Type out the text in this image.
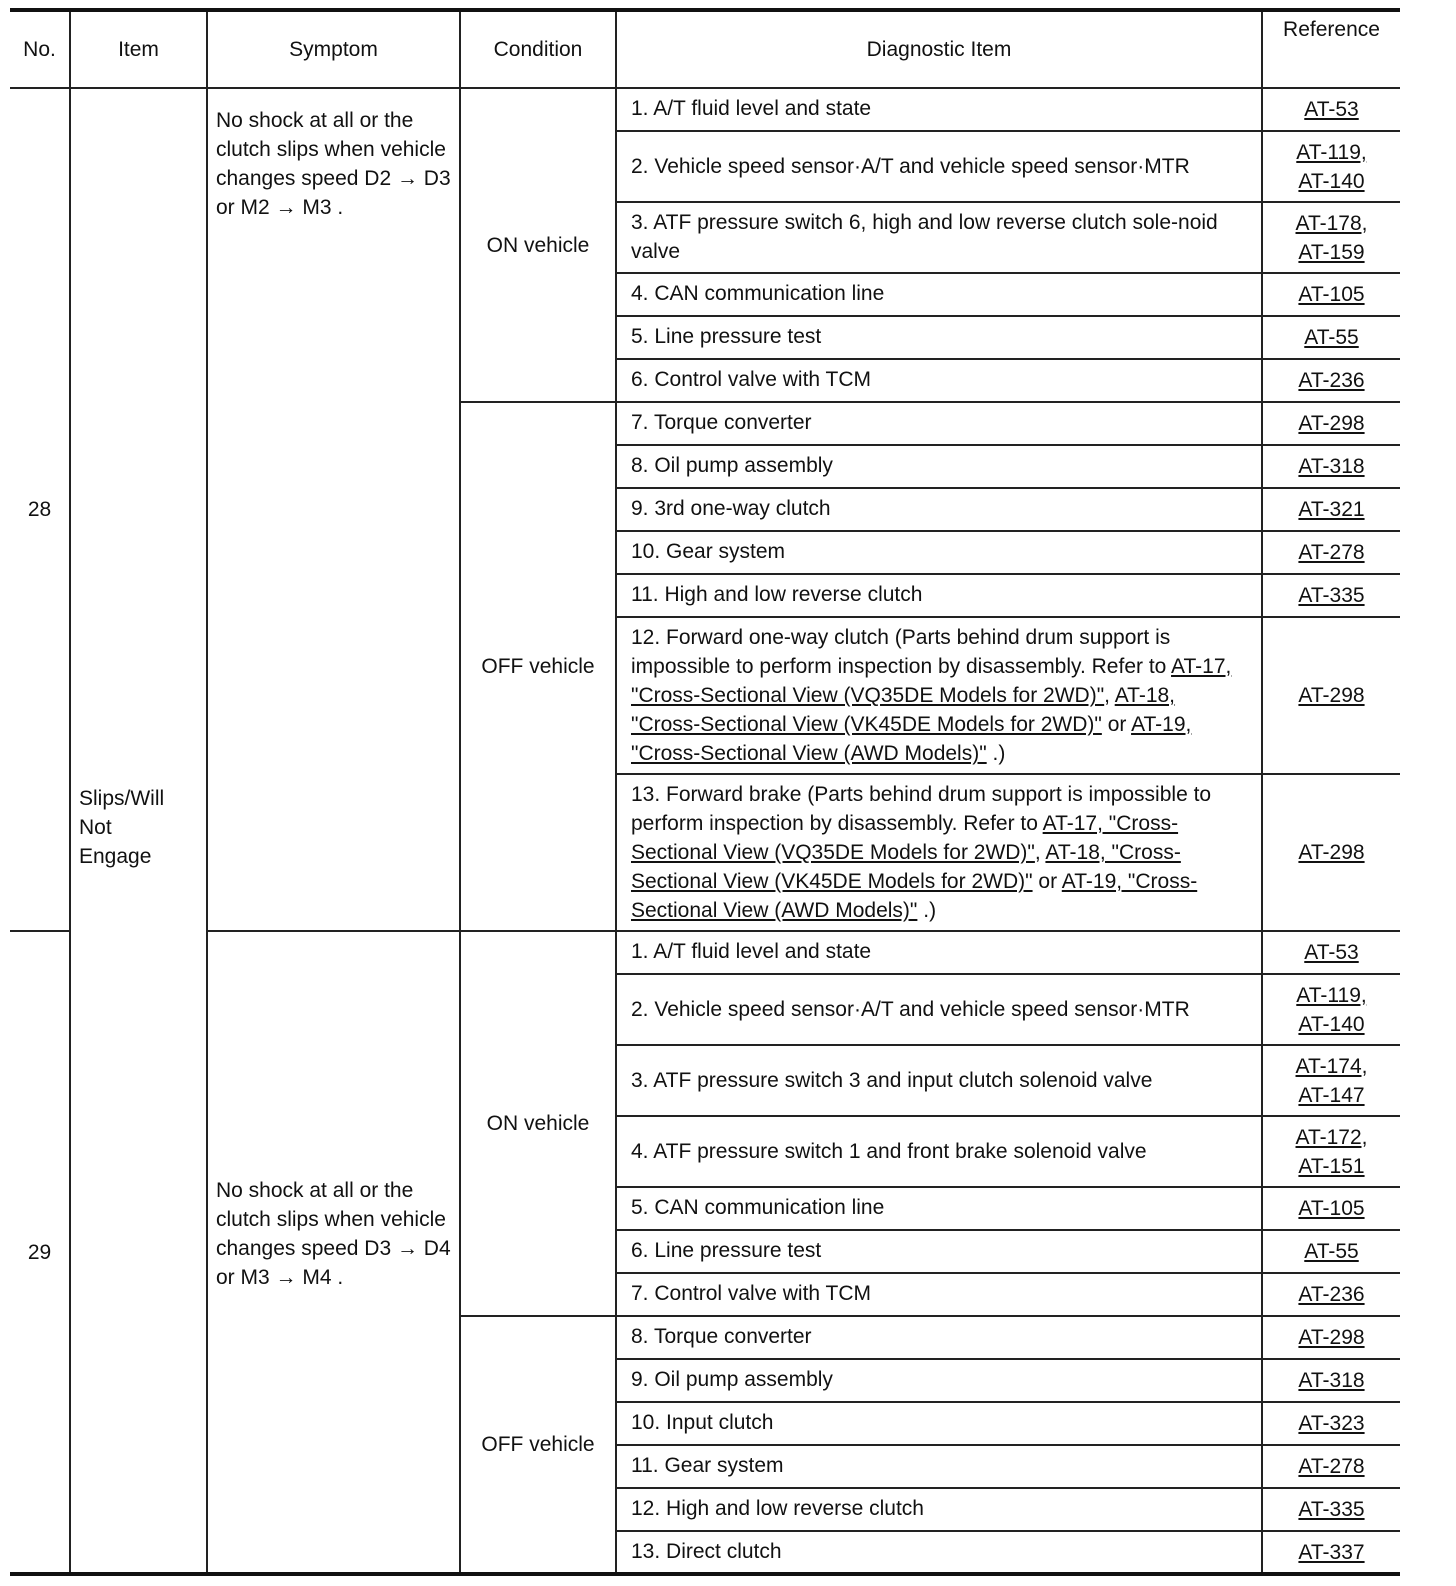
No.	Item	Symptom	Condition	Diagnostic Item	Reference
28	Slips/Will Not Engage	No shock at all or the clutch slips when vehicle changes speed D2 → D3 or M2 → M3 .	ON vehicle	1. A/T fluid level and state	AT-53
				2. Vehicle speed sensor·A/T and vehicle speed sensor·MTR	AT-119,
AT-140
				3. ATF pressure switch 6, high and low reverse clutch sole-noid valve	AT-178,
AT-159
				4. CAN communication line	AT-105
				5. Line pressure test	AT-55
				6. Control valve with TCM	AT-236
			OFF vehicle	7. Torque converter	AT-298
				8. Oil pump assembly	AT-318
				9. 3rd one-way clutch	AT-321
				10. Gear system	AT-278
				11. High and low reverse clutch	AT-335
				12. Forward one-way clutch (Parts behind drum support is impossible to perform inspection by disassembly. Refer to AT-17, "Cross-Sectional View (VQ35DE Models for 2WD)", AT-18, "Cross-Sectional View (VK45DE Models for 2WD)" or AT-19, "Cross-Sectional View (AWD Models)" .)	AT-298
				13. Forward brake (Parts behind drum support is impossible to perform inspection by disassembly. Refer to AT-17, "Cross-Sectional View (VQ35DE Models for 2WD)", AT-18, "Cross-Sectional View (VK45DE Models for 2WD)" or AT-19, "Cross-Sectional View (AWD Models)" .)	AT-298
29		No shock at all or the clutch slips when vehicle changes speed D3 → D4 or M3 → M4 .	ON vehicle	1. A/T fluid level and state	AT-53
				2. Vehicle speed sensor·A/T and vehicle speed sensor·MTR	AT-119,
AT-140
				3. ATF pressure switch 3 and input clutch solenoid valve	AT-174,
AT-147
				4. ATF pressure switch 1 and front brake solenoid valve	AT-172,
AT-151
				5. CAN communication line	AT-105
				6. Line pressure test	AT-55
				7. Control valve with TCM	AT-236
			OFF vehicle	8. Torque converter	AT-298
				9. Oil pump assembly	AT-318
				10. Input clutch	AT-323
				11. Gear system	AT-278
				12. High and low reverse clutch	AT-335
				13. Direct clutch	AT-337
